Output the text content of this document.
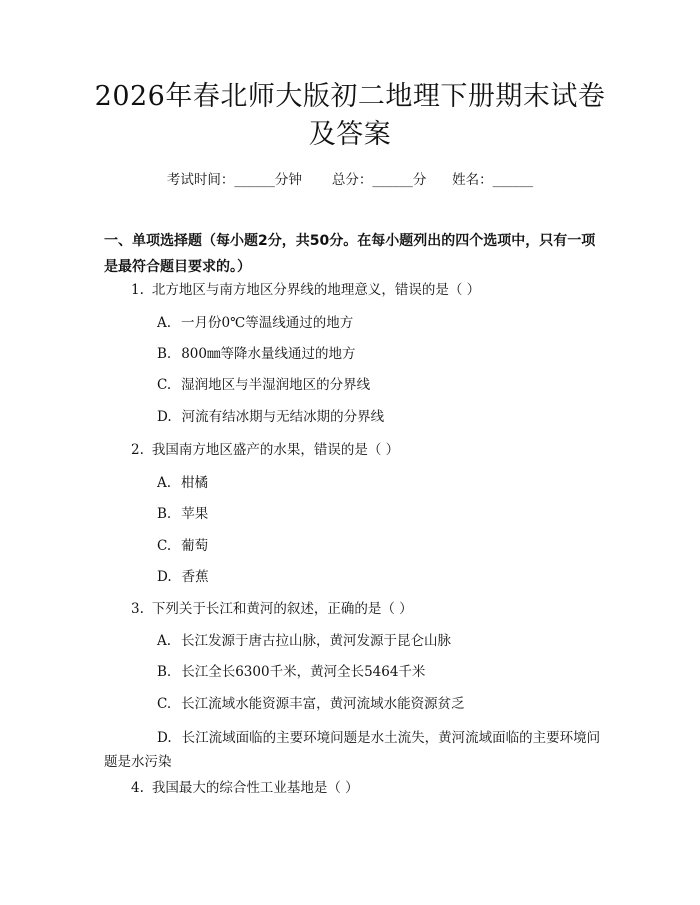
2026年春北师大版初二地理下册期末试卷及答案
考试时间：______分钟 总分：______分 姓名：______
一、单项选择题（每小题2分，共50分。在每小题列出的四个选项中，只有一项是最符合题目要求的。）
1. 北方地区与南方地区分界线的地理意义，错误的是（ ）
A. 一月份0℃等温线通过的地方
B. 800㎜等降水量线通过的地方
C. 湿润地区与半湿润地区的分界线
D. 河流有结冰期与无结冰期的分界线
2. 我国南方地区盛产的水果，错误的是（ ）
A. 柑橘
B. 苹果
C. 葡萄
D. 香蕉
3. 下列关于长江和黄河的叙述，正确的是（ ）
A. 长江发源于唐古拉山脉，黄河发源于昆仑山脉
B. 长江全长6300千米，黄河全长5464千米
C. 长江流域水能资源丰富，黄河流域水能资源贫乏
D. 长江流域面临的主要环境问题是水土流失，黄河流域面临的主要环境问题是水污染
4. 我国最大的综合性工业基地是（ ）
